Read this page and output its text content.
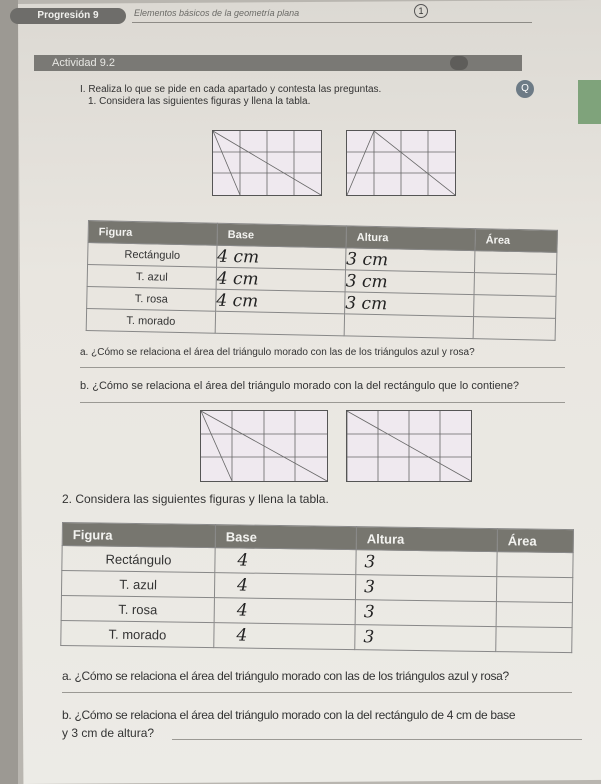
Progresión 9	Elementos básicos de la geometría plana	1
Actividad 9.2
Q
I. Realiza lo que se pide en cada apartado y contesta las preguntas.
1. Considera las siguientes figuras y llena la tabla.
Figura	Base	Altura	Área
Rectángulo	4 cm	3 cm	
T. azul	4 cm	3 cm	
T. rosa	4 cm	3 cm	
T. morado			
a. ¿Cómo se relaciona el área del triángulo morado con las de los triángulos azul y rosa?
b. ¿Cómo se relaciona el área del triángulo morado con la del rectángulo que lo contiene?
2. Considera las siguientes figuras y llena la tabla.
Figura	Base	Altura	Área
Rectángulo	4	3	
T. azul	4	3	
T. rosa	4	3	
T. morado	4	3	
a. ¿Cómo se relaciona el área del triángulo morado con las de los triángulos azul y rosa?
b. ¿Cómo se relaciona el área del triángulo morado con la del rectángulo de 4 cm de base
y 3 cm de altura?
